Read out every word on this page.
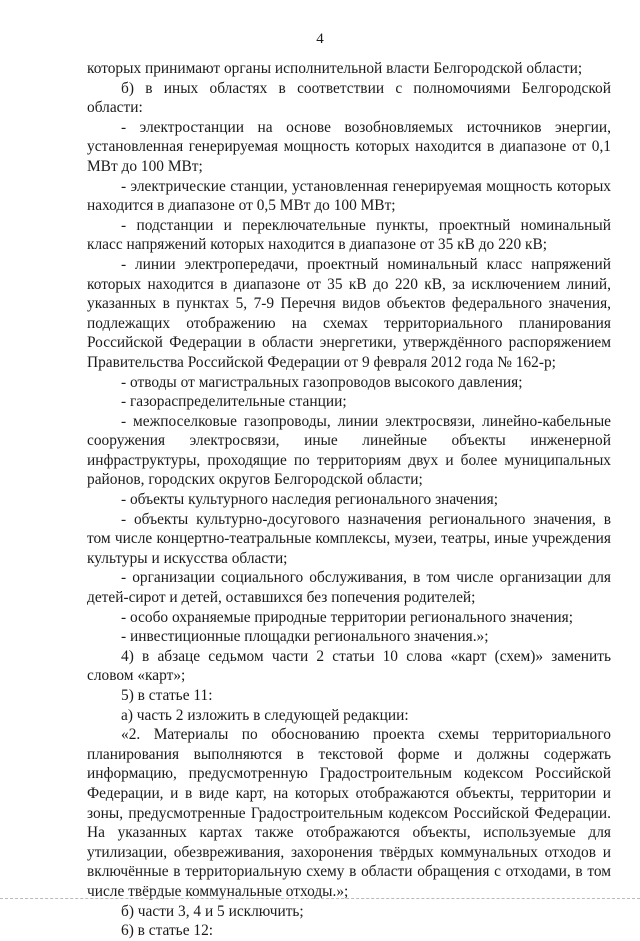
4

которых принимают органы исполнительной власти Белгородской области;

б) в иных областях в соответствии с полномочиями Белгородской области:

- электростанции на основе возобновляемых источников энергии, установленная генерируемая мощность которых находится в диапазоне от 0,1 МВт до 100 МВт;

- электрические станции, установленная генерируемая мощность которых находится в диапазоне от 0,5 МВт до 100 МВт;

- подстанции и переключательные пункты, проектный номинальный класс напряжений которых находится в диапазоне от 35 кВ до 220 кВ;

- линии электропередачи, проектный номинальный класс напряжений которых находится в диапазоне от 35 кВ до 220 кВ, за исключением линий, указанных в пунктах 5, 7-9 Перечня видов объектов федерального значения, подлежащих отображению на схемах территориального планирования Российской Федерации в области энергетики, утверждённого распоряжением Правительства Российской Федерации от 9 февраля 2012 года № 162-р;

- отводы от магистральных газопроводов высокого давления;

- газораспределительные станции;

- межпоселковые газопроводы, линии электросвязи, линейно-кабельные сооружения электросвязи, иные линейные объекты инженерной инфраструктуры, проходящие по территориям двух и более муниципальных районов, городских округов Белгородской области;

- объекты культурного наследия регионального значения;

- объекты культурно-досугового назначения регионального значения, в том числе концертно-театральные комплексы, музеи, театры, иные учреждения культуры и искусства области;

- организации социального обслуживания, в том числе организации для детей-сирот и детей, оставшихся без попечения родителей;

- особо охраняемые природные территории регионального значения;

- инвестиционные площадки регионального значения.»;

4) в абзаце седьмом части 2 статьи 10 слова «карт (схем)» заменить словом «карт»;

5) в статье 11:

а) часть 2 изложить в следующей редакции:

«2. Материалы по обоснованию проекта схемы территориального планирования выполняются в текстовой форме и должны содержать информацию, предусмотренную Градостроительным кодексом Российской Федерации, и в виде карт, на которых отображаются объекты, территории и зоны, предусмотренные Градостроительным кодексом Российской Федерации. На указанных картах также отображаются объекты, используемые для утилизации, обезвреживания, захоронения твёрдых коммунальных отходов и включённые в территориальную схему в области обращения с отходами, в том числе твёрдые коммунальные отходы.»;

б) части 3, 4 и 5 исключить;

6) в статье 12:
